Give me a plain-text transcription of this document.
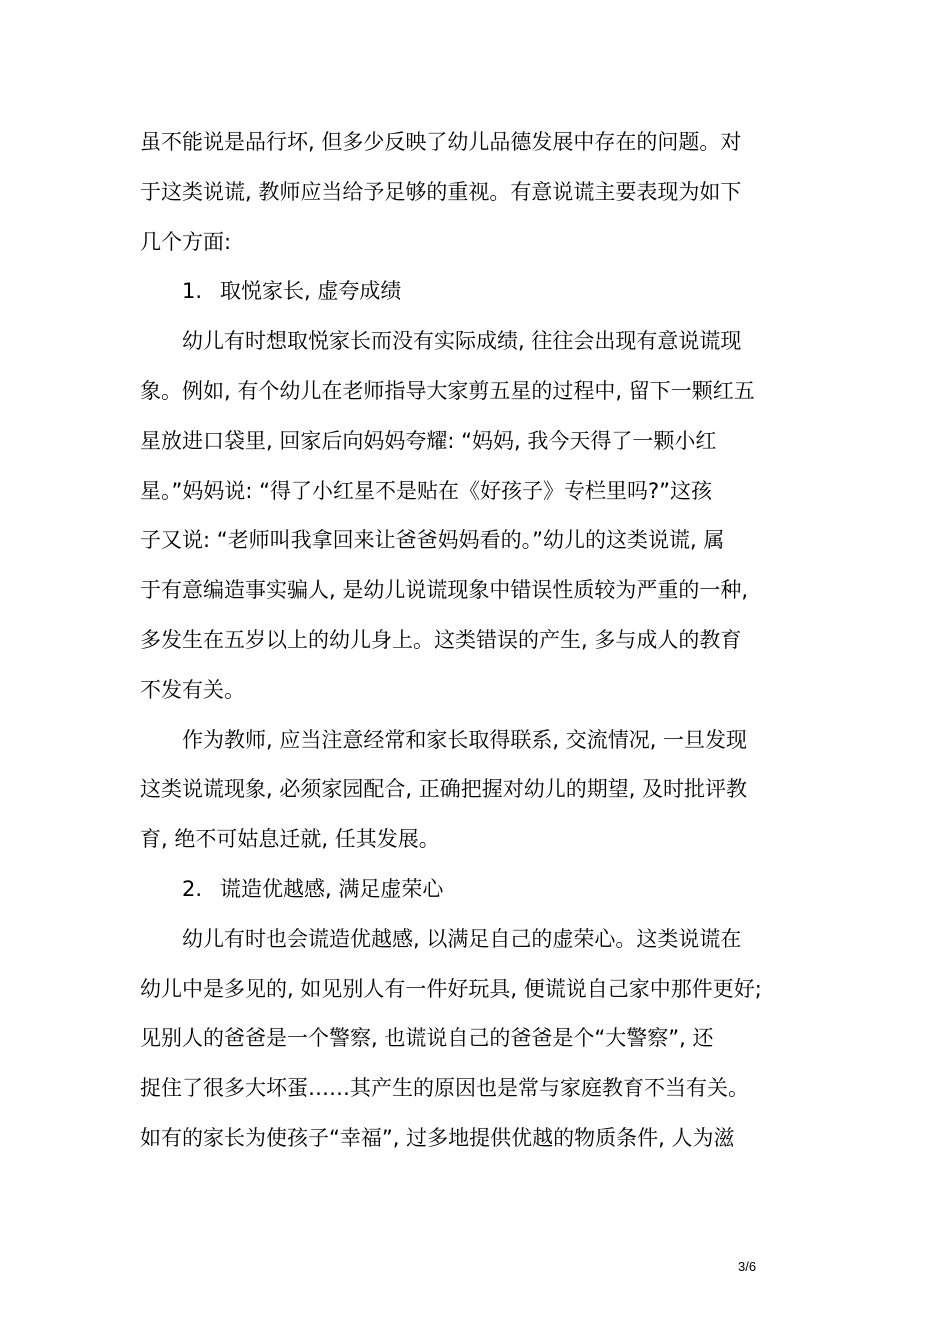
虽不能说是品行坏, 但多少反映了幼儿品德发展中存在的问题。对
于这类说谎, 教师应当给予足够的重视。有意说谎主要表现为如下
几个方面:
1. 取悦家长, 虚夸成绩
幼儿有时想取悦家长而没有实际成绩, 往往会出现有意说谎现
象。例如, 有个幼儿在老师指导大家剪五星的过程中, 留下一颗红五
星放进口袋里, 回家后向妈妈夸耀: “妈妈, 我今天得了一颗小红
星。”妈妈说: “得了小红星不是贴在《好孩子》专栏里吗?”这孩
子又说: “老师叫我拿回来让爸爸妈妈看的。”幼儿的这类说谎, 属
于有意编造事实骗人, 是幼儿说谎现象中错误性质较为严重的一种,
多发生在五岁以上的幼儿身上。这类错误的产生, 多与成人的教育
不发有关。
作为教师, 应当注意经常和家长取得联系, 交流情况, 一旦发现
这类说谎现象, 必须家园配合, 正确把握对幼儿的期望, 及时批评教
育, 绝不可姑息迁就, 任其发展。
2. 谎造优越感, 满足虚荣心
幼儿有时也会谎造优越感, 以满足自己的虚荣心。这类说谎在
幼儿中是多见的, 如见别人有一件好玩具, 便谎说自己家中那件更好;
见别人的爸爸是一个警察, 也谎说自己的爸爸是个“大警察”, 还
捉住了很多大坏蛋……其产生的原因也是常与家庭教育不当有关。
如有的家长为使孩子“幸福”, 过多地提供优越的物质条件, 人为滋
3/6
